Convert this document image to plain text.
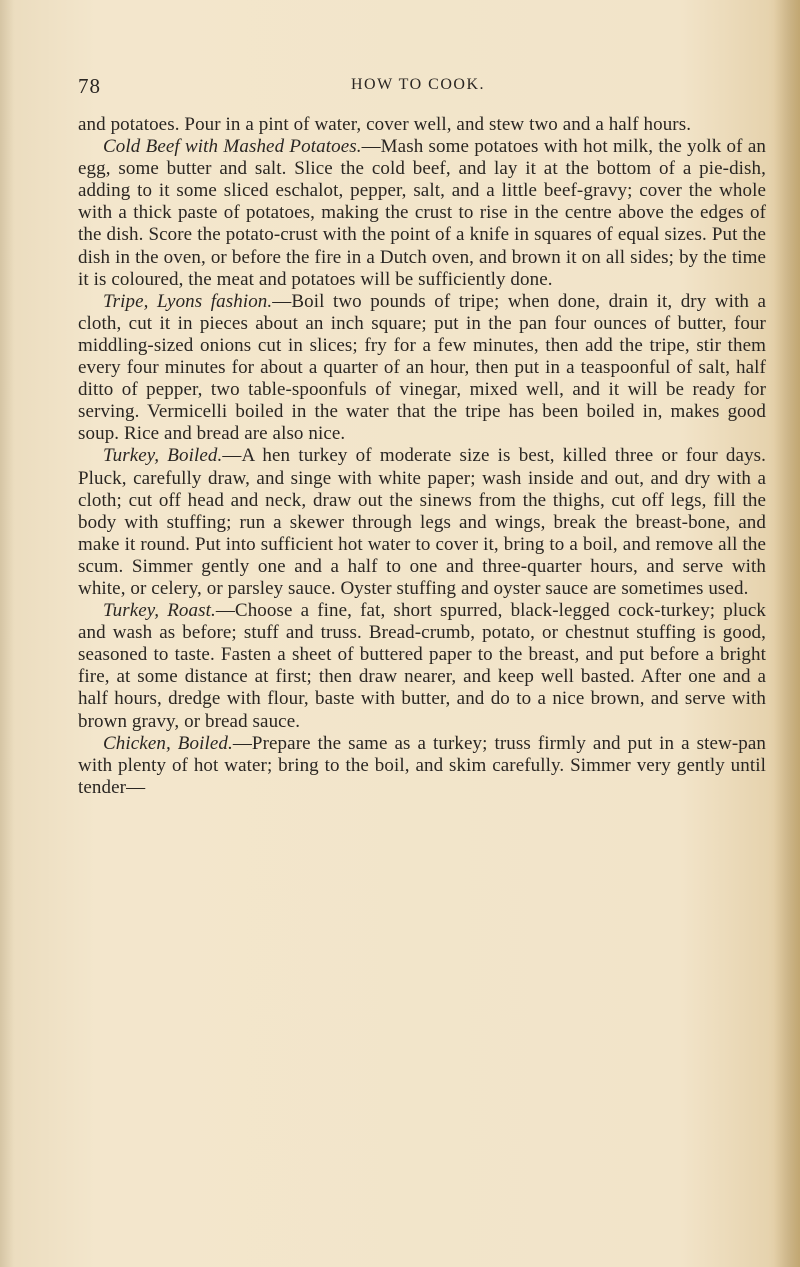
78	HOW TO COOK.

and potatoes. Pour in a pint of water, cover well, and stew two and a half hours.

Cold Beef with Mashed Potatoes.—Mash some potatoes with hot milk, the yolk of an egg, some butter and salt. Slice the cold beef, and lay it at the bottom of a pie-dish, adding to it some sliced eschalot, pepper, salt, and a little beef-gravy; cover the whole with a thick paste of potatoes, making the crust to rise in the centre above the edges of the dish. Score the potato-crust with the point of a knife in squares of equal sizes. Put the dish in the oven, or before the fire in a Dutch oven, and brown it on all sides; by the time it is coloured, the meat and potatoes will be sufficiently done.

Tripe, Lyons fashion.—Boil two pounds of tripe; when done, drain it, dry with a cloth, cut it in pieces about an inch square; put in the pan four ounces of butter, four middling-sized onions cut in slices; fry for a few minutes, then add the tripe, stir them every four minutes for about a quarter of an hour, then put in a teaspoonful of salt, half ditto of pepper, two table-spoonfuls of vinegar, mixed well, and it will be ready for serving. Vermicelli boiled in the water that the tripe has been boiled in, makes good soup. Rice and bread are also nice.

Turkey, Boiled.—A hen turkey of moderate size is best, killed three or four days. Pluck, carefully draw, and singe with white paper; wash inside and out, and dry with a cloth; cut off head and neck, draw out the sinews from the thighs, cut off legs, fill the body with stuffing; run a skewer through legs and wings, break the breast-bone, and make it round. Put into sufficient hot water to cover it, bring to a boil, and remove all the scum. Simmer gently one and a half to one and three-quarter hours, and serve with white, or celery, or parsley sauce. Oyster stuffing and oyster sauce are sometimes used.

Turkey, Roast.—Choose a fine, fat, short spurred, black-legged cock-turkey; pluck and wash as before; stuff and truss. Bread-crumb, potato, or chestnut stuffing is good, seasoned to taste. Fasten a sheet of buttered paper to the breast, and put before a bright fire, at some distance at first; then draw nearer, and keep well basted. After one and a half hours, dredge with flour, baste with butter, and do to a nice brown, and serve with brown gravy, or bread sauce.

Chicken, Boiled.—Prepare the same as a turkey; truss firmly and put in a stew-pan with plenty of hot water; bring to the boil, and skim carefully. Simmer very gently until tender—
